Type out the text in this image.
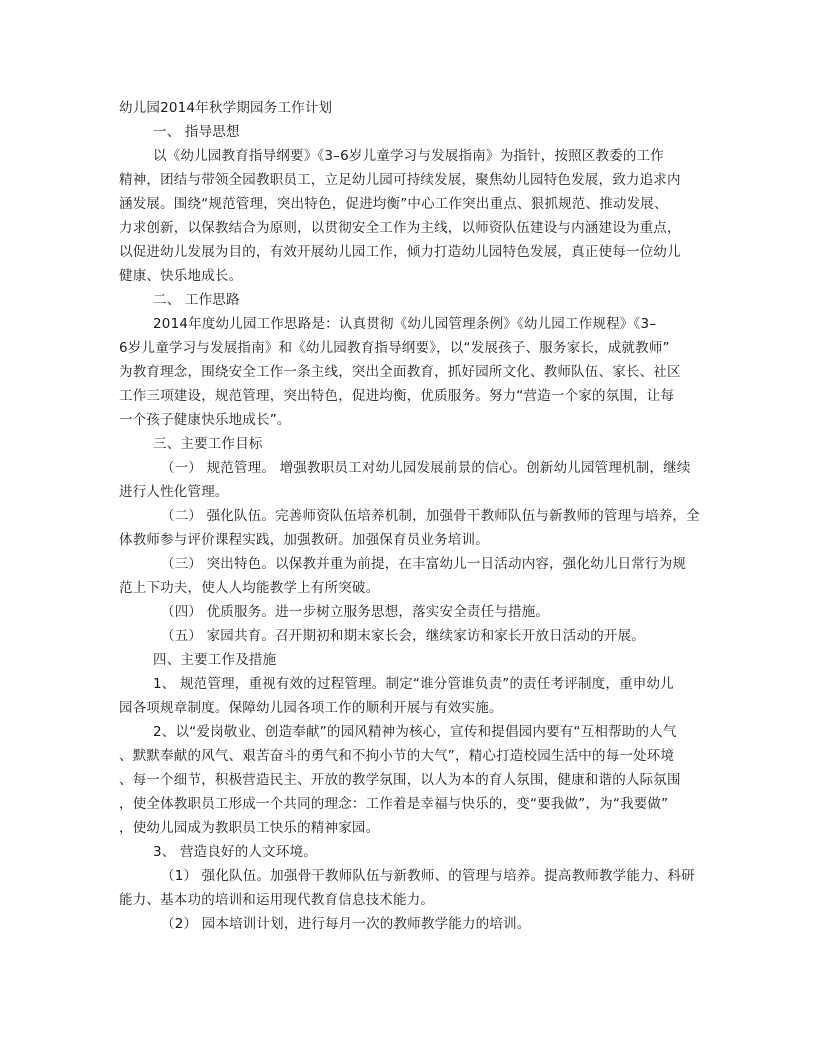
幼儿园2014年秋学期园务工作计划
一、 指导思想
以《幼儿园教育指导纲要》《3–6岁儿童学习与发展指南》为指针，按照区教委的工作
精神，团结与带领全园教职员工，立足幼儿园可持续发展，聚焦幼儿园特色发展，致力追求内
涵发展。围绕“规范管理，突出特色，促进均衡”中心工作突出重点、狠抓规范、推动发展、
力求创新，以保教结合为原则，以贯彻安全工作为主线，以师资队伍建设与内涵建设为重点，
以促进幼儿发展为目的，有效开展幼儿园工作，倾力打造幼儿园特色发展，真正使每一位幼儿
健康、快乐地成长。
二、 工作思路
2014年度幼儿园工作思路是：认真贯彻《幼儿园管理条例》《幼儿园工作规程》《3–
6岁儿童学习与发展指南》和《幼儿园教育指导纲要》，以“发展孩子、服务家长，成就教师”
为教育理念，围绕安全工作一条主线，突出全面教育，抓好园所文化、教师队伍、家长、社区
工作三项建设，规范管理，突出特色，促进均衡，优质服务。努力“营造一个家的氛围，让每
一个孩子健康快乐地成长”。
三、主要工作目标
（一） 规范管理。 增强教职员工对幼儿园发展前景的信心。创新幼儿园管理机制，继续
进行人性化管理。
（二） 强化队伍。完善师资队伍培养机制，加强骨干教师队伍与新教师的管理与培养，全
体教师参与评价课程实践，加强教研。加强保育员业务培训。
（三） 突出特色。以保教并重为前提，在丰富幼儿一日活动内容，强化幼儿日常行为规
范上下功夫，使人人均能教学上有所突破。
（四） 优质服务。进一步树立服务思想，落实安全责任与措施。
（五） 家园共育。召开期初和期末家长会，继续家访和家长开放日活动的开展。
四、主要工作及措施
1、 规范管理，重视有效的过程管理。制定“谁分管谁负责”的责任考评制度，重申幼儿
园各项规章制度。保障幼儿园各项工作的顺利开展与有效实施。
2、以“爱岗敬业、创造奉献”的园风精神为核心，宣传和提倡园内要有“互相帮助的人气
、默默奉献的风气、艰苦奋斗的勇气和不拘小节的大气”，精心打造校园生活中的每一处环境
、每一个细节，积极营造民主、开放的教学氛围，以人为本的育人氛围，健康和谐的人际氛围
，使全体教职员工形成一个共同的理念：工作着是幸福与快乐的，变“要我做”，为“我要做”
，使幼儿园成为教职员工快乐的精神家园。
3、 营造良好的人文环境。
（1） 强化队伍。加强骨干教师队伍与新教师、的管理与培养。提高教师教学能力、科研
能力、基本功的培训和运用现代教育信息技术能力。
（2） 园本培训计划，进行每月一次的教师教学能力的培训。
